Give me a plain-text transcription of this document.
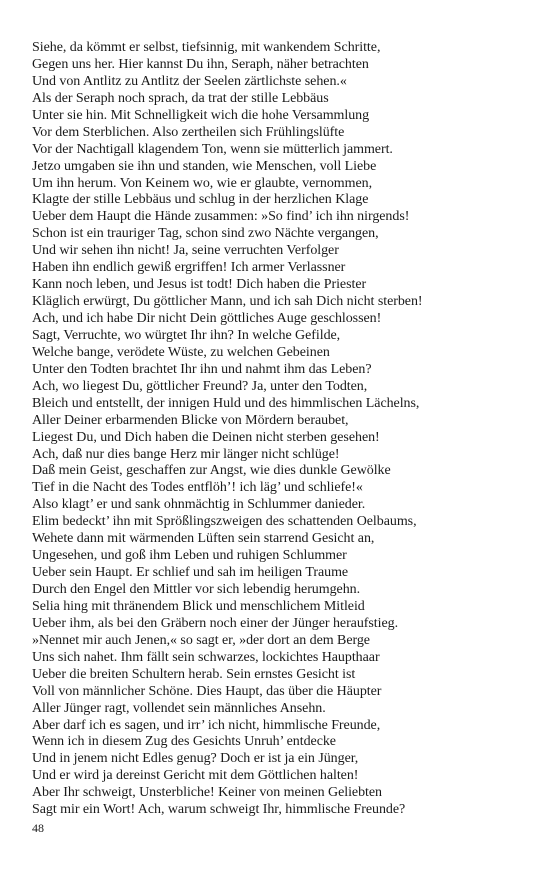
Siehe, da kömmt er selbst, tiefsinnig, mit wankendem Schritte,
Gegen uns her. Hier kannst Du ihn, Seraph, näher betrachten
Und von Antlitz zu Antlitz der Seelen zärtlichste sehen.«
Als der Seraph noch sprach, da trat der stille Lebbäus
Unter sie hin. Mit Schnelligkeit wich die hohe Versammlung
Vor dem Sterblichen. Also zertheilen sich Frühlingslüfte
Vor der Nachtigall klagendem Ton, wenn sie mütterlich jammert.
Jetzo umgaben sie ihn und standen, wie Menschen, voll Liebe
Um ihn herum. Von Keinem wo, wie er glaubte, vernommen,
Klagte der stille Lebbäus und schlug in der herzlichen Klage
Ueber dem Haupt die Hände zusammen: »So find’ ich ihn nirgends!
Schon ist ein trauriger Tag, schon sind zwo Nächte vergangen,
Und wir sehen ihn nicht! Ja, seine verruchten Verfolger
Haben ihn endlich gewiß ergriffen! Ich armer Verlassner
Kann noch leben, und Jesus ist todt! Dich haben die Priester
Kläglich erwürgt, Du göttlicher Mann, und ich sah Dich nicht sterben!
Ach, und ich habe Dir nicht Dein göttliches Auge geschlossen!
Sagt, Verruchte, wo würgtet Ihr ihn? In welche Gefilde,
Welche bange, verödete Wüste, zu welchen Gebeinen
Unter den Todten brachtet Ihr ihn und nahmt ihm das Leben?
Ach, wo liegest Du, göttlicher Freund? Ja, unter den Todten,
Bleich und entstellt, der innigen Huld und des himmlischen Lächelns,
Aller Deiner erbarmenden Blicke von Mördern beraubet,
Liegest Du, und Dich haben die Deinen nicht sterben gesehen!
Ach, daß nur dies bange Herz mir länger nicht schlüge!
Daß mein Geist, geschaffen zur Angst, wie dies dunkle Gewölke
Tief in die Nacht des Todes entflöh’! ich läg’ und schliefe!«
Also klagt’ er und sank ohnmächtig in Schlummer danieder.
Elim bedeckt’ ihn mit Sprößlingszweigen des schattenden Oelbaums,
Wehete dann mit wärmenden Lüften sein starrend Gesicht an,
Ungesehen, und goß ihm Leben und ruhigen Schlummer
Ueber sein Haupt. Er schlief und sah im heiligen Traume
Durch den Engel den Mittler vor sich lebendig herumgehn.
Selia hing mit thränendem Blick und menschlichem Mitleid
Ueber ihm, als bei den Gräbern noch einer der Jünger heraufstieg.
»Nennet mir auch Jenen,« so sagt er, »der dort an dem Berge
Uns sich nahet. Ihm fällt sein schwarzes, lockichtes Haupthaar
Ueber die breiten Schultern herab. Sein ernstes Gesicht ist
Voll von männlicher Schöne. Dies Haupt, das über die Häupter
Aller Jünger ragt, vollendet sein männliches Ansehn.
Aber darf ich es sagen, und irr’ ich nicht, himmlische Freunde,
Wenn ich in diesem Zug des Gesichts Unruh’ entdecke
Und in jenem nicht Edles genug? Doch er ist ja ein Jünger,
Und er wird ja dereinst Gericht mit dem Göttlichen halten!
Aber Ihr schweigt, Unsterbliche! Keiner von meinen Geliebten
Sagt mir ein Wort! Ach, warum schweigt Ihr, himmlische Freunde?
48
